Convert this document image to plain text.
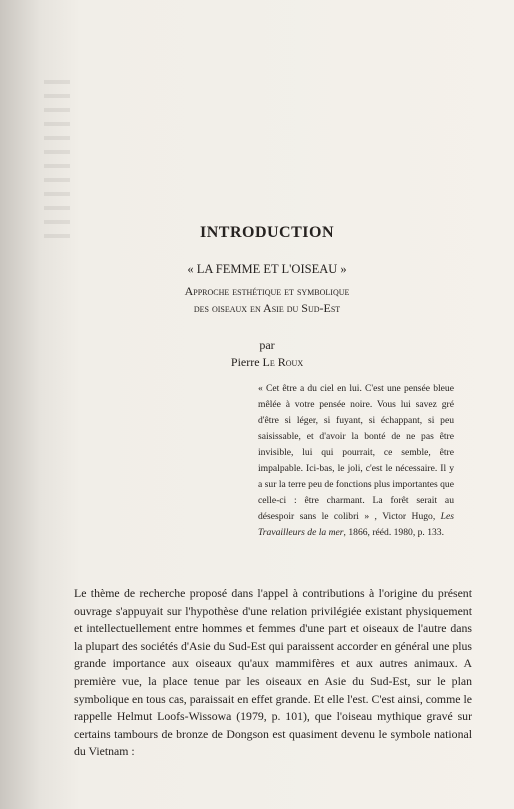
INTRODUCTION

« LA FEMME ET L'OISEAU »

Approche esthétique et symbolique
des oiseaux en Asie du Sud-Est
par
Pierre Le Roux

« Cet être a du ciel en lui. C'est une pensée bleue mêlée à votre pensée noire. Vous lui savez gré d'être si léger, si fuyant, si échappant, si peu saisissable, et d'avoir la bonté de ne pas être invisible, lui qui pourrait, ce semble, être impalpable. Ici-bas, le joli, c'est le nécessaire. Il y a sur la terre peu de fonctions plus importantes que celle-ci : être charmant. La forêt serait au désespoir sans le colibri » , Victor Hugo, Les Travailleurs de la mer, 1866, rééd. 1980, p. 133.

Le thème de recherche proposé dans l'appel à contributions à l'origine du présent ouvrage s'appuyait sur l'hypothèse d'une relation privilégiée existant physiquement et intellectuellement entre hommes et femmes d'une part et oiseaux de l'autre dans la plupart des sociétés d'Asie du Sud-Est qui paraissent accorder en général une plus grande importance aux oiseaux qu'aux mammifères et aux autres animaux. A première vue, la place tenue par les oiseaux en Asie du Sud-Est, sur le plan symbolique en tous cas, paraissait en effet grande. Et elle l'est. C'est ainsi, comme le rappelle Helmut Loofs-Wissowa (1979, p. 101), que l'oiseau mythique gravé sur certains tambours de bronze de Dongson est quasiment devenu le symbole national du Vietnam :
